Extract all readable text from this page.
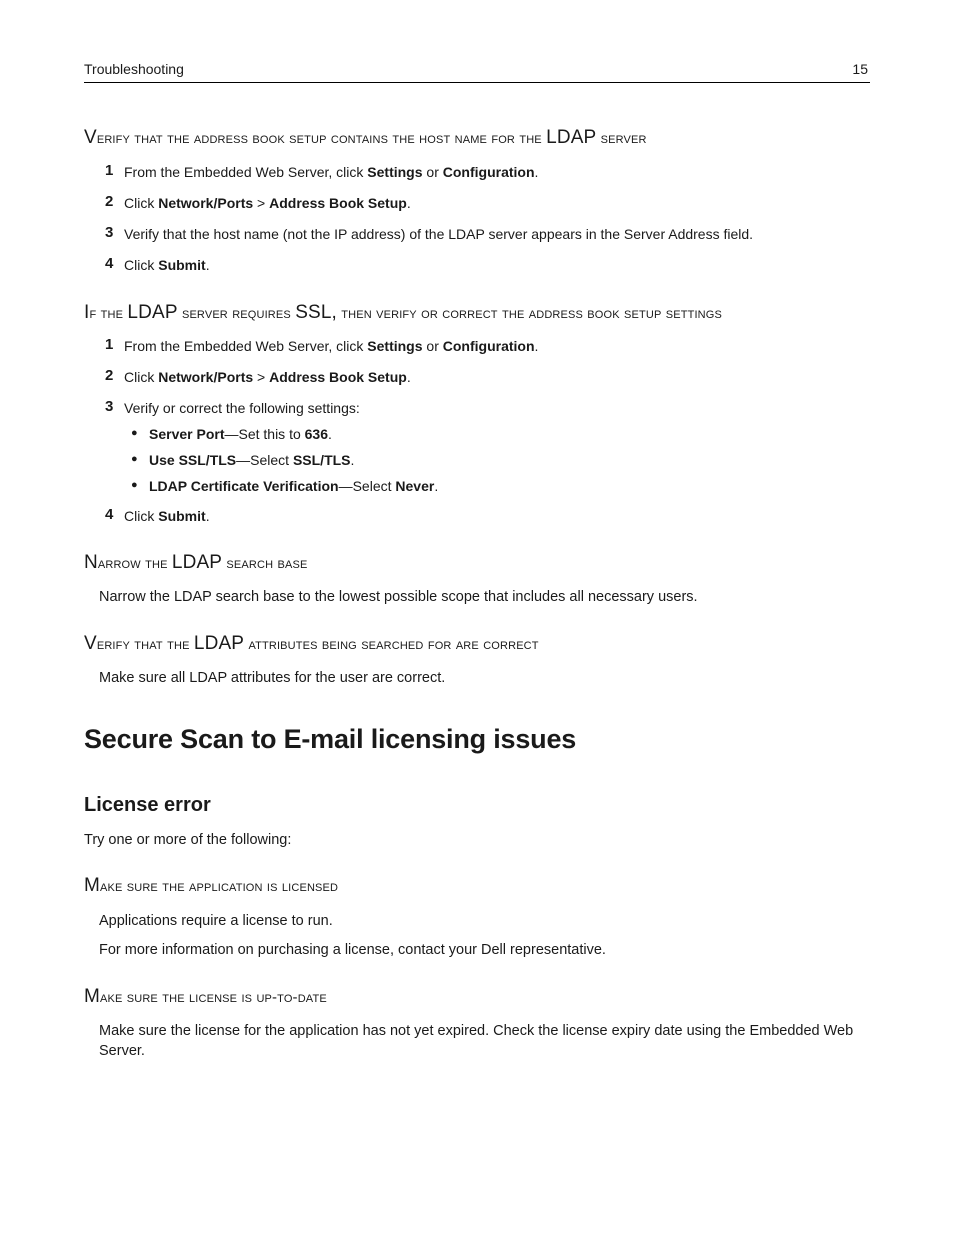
Troubleshooting	15
Verify that the address book setup contains the host name for the LDAP server
1 From the Embedded Web Server, click Settings or Configuration.
2 Click Network/Ports > Address Book Setup.
3 Verify that the host name (not the IP address) of the LDAP server appears in the Server Address field.
4 Click Submit.
If the LDAP server requires SSL, then verify or correct the address book setup settings
1 From the Embedded Web Server, click Settings or Configuration.
2 Click Network/Ports > Address Book Setup.
3 Verify or correct the following settings:
● Server Port—Set this to 636.
● Use SSL/TLS—Select SSL/TLS.
● LDAP Certificate Verification—Select Never.
4 Click Submit.
Narrow the LDAP search base
Narrow the LDAP search base to the lowest possible scope that includes all necessary users.
Verify that the LDAP attributes being searched for are correct
Make sure all LDAP attributes for the user are correct.
Secure Scan to E-mail licensing issues
License error
Try one or more of the following:
Make sure the application is licensed
Applications require a license to run.
For more information on purchasing a license, contact your Dell representative.
Make sure the license is up-to-date
Make sure the license for the application has not yet expired. Check the license expiry date using the Embedded Web
Server.
